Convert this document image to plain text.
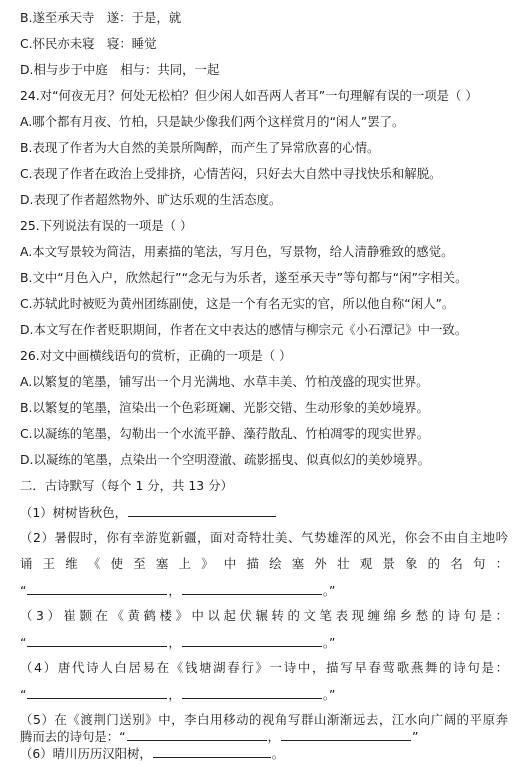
B.遂至承天寺　遂：于是，就
C.怀民亦未寝　寝：睡觉
D.相与步于中庭　相与：共同，一起
24.对“何夜无月？何处无松柏？但少闲人如吾两人者耳”一句理解有误的一项是（ ）
A.哪个都有月夜、竹柏，只是缺少像我们两个这样赏月的“闲人”罢了。
B.表现了作者为大自然的美景所陶醉，而产生了异常欣喜的心情。
C.表现了作者在政治上受排挤，心情苦闷，只好去大自然中寻找快乐和解脱。
D.表现了作者超然物外、旷达乐观的生活态度。
25.下列说法有误的一项是（ ）
A.本文写景较为简洁，用素描的笔法，写月色，写景物，给人清静雅致的感觉。
B.文中“月色入户，欣然起行”“念无与为乐者，遂至承天寺”等句都与“闲”字相关。
C.苏轼此时被贬为黄州团练副使，这是一个有名无实的官，所以他自称“闲人”。
D.本文写在作者贬职期间，作者在文中表达的感情与柳宗元《小石潭记》中一致。
26.对文中画横线语句的赏析，正确的一项是（ ）
A.以繁复的笔墨，铺写出一个月光满地、水草丰美、竹柏茂盛的现实世界。
B.以繁复的笔墨，渲染出一个色彩斑斓、光影交错、生动形象的美妙境界。
C.以凝练的笔墨，勾勒出一个水流平静、藻荇散乱、竹柏凋零的现实世界。
D.以凝练的笔墨，点染出一个空明澄澈、疏影摇曳、似真似幻的美妙境界。
二．古诗默写（每个 1 分，共 13 分）
（1）树树皆秋色，
（2）暑假时，你有幸游览新疆，面对奇特壮美、气势雄浑的风光，你会不由自主地吟
诵王维《使至塞上》中描绘塞外壮观景象的名句：
“	，	。”
（3）崔颢在《黄鹤楼》中以起伏辗转的文笔表现缠绵乡愁的诗句是：
“	，	。”
（4）唐代诗人白居易在《钱塘湖春行》一诗中，描写早春莺歌燕舞的诗句是：
“	，	。”
（5）在《渡荆门送别》中，李白用移动的视角写群山渐渐远去，江水向广阔的平原奔
腾而去的诗句是：“	，	”
（6）晴川历历汉阳树，	。
